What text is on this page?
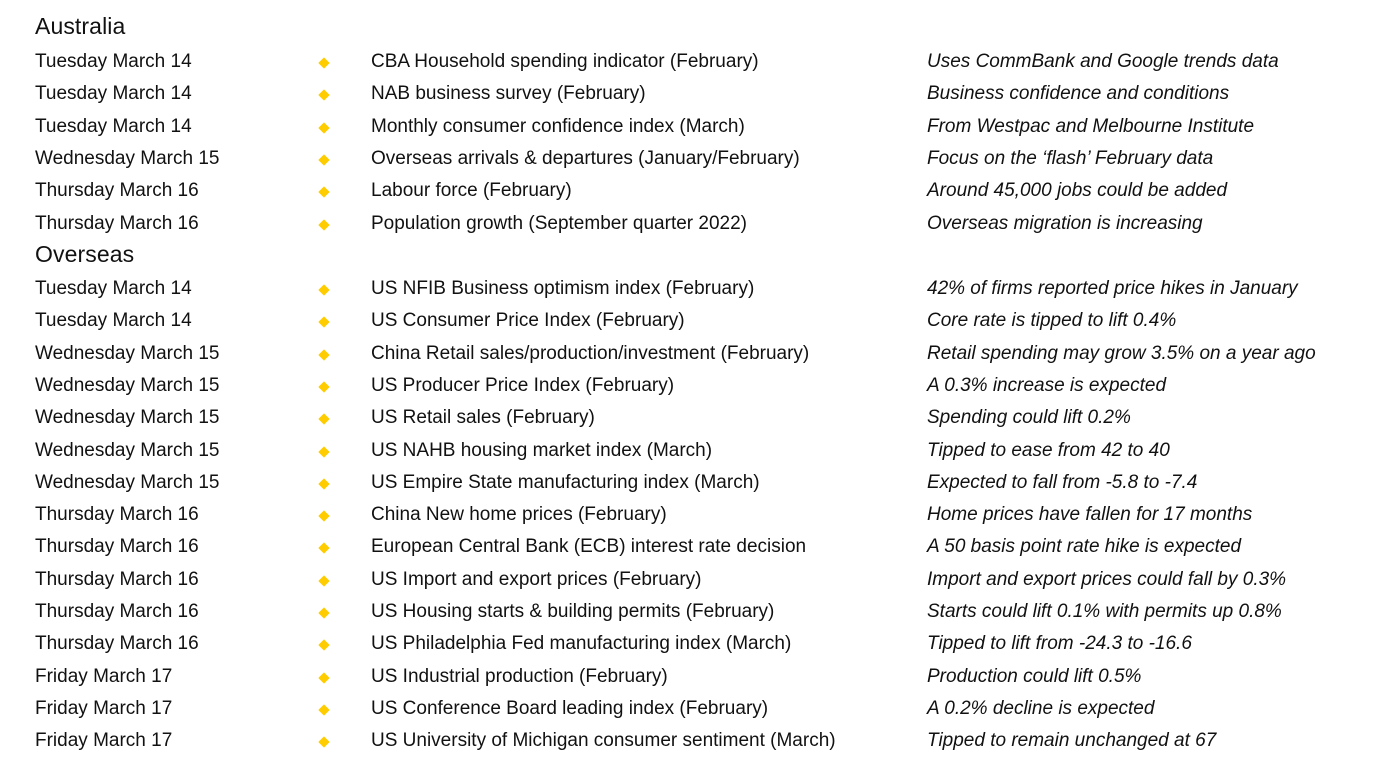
Australia
Tuesday March 14	CBA Household spending indicator (February)	Uses CommBank and Google trends data
Tuesday March 14	NAB business survey (February)	Business confidence and conditions
Tuesday March 14	Monthly consumer confidence index (March)	From Westpac and Melbourne Institute
Wednesday March 15	Overseas arrivals & departures (January/February)	Focus on the ‘flash’ February data
Thursday March 16	Labour force (February)	Around 45,000 jobs could be added
Thursday March 16	Population growth (September quarter 2022)	Overseas migration is increasing
Overseas
Tuesday March 14	US NFIB Business optimism index (February)	42% of firms reported price hikes in January
Tuesday March 14	US Consumer Price Index (February)	Core rate is tipped to lift 0.4%
Wednesday March 15	China Retail sales/production/investment (February)	Retail spending may grow 3.5% on a year ago
Wednesday March 15	US Producer Price Index (February)	A 0.3% increase is expected
Wednesday March 15	US Retail sales (February)	Spending could lift 0.2%
Wednesday March 15	US NAHB housing market index (March)	Tipped to ease from 42 to 40
Wednesday March 15	US Empire State manufacturing index (March)	Expected to fall from -5.8 to -7.4
Thursday March 16	China New home prices (February)	Home prices have fallen for 17 months
Thursday March 16	European Central Bank (ECB) interest rate decision	A 50 basis point rate hike is expected
Thursday March 16	US Import and export prices (February)	Import and export prices could fall by 0.3%
Thursday March 16	US Housing starts & building permits (February)	Starts could lift 0.1% with permits up 0.8%
Thursday March 16	US Philadelphia Fed manufacturing index (March)	Tipped to lift from -24.3 to -16.6
Friday March 17	US Industrial production (February)	Production could lift 0.5%
Friday March 17	US Conference Board leading index (February)	A 0.2% decline is expected
Friday March 17	US University of Michigan consumer sentiment (March)	Tipped to remain unchanged at 67
